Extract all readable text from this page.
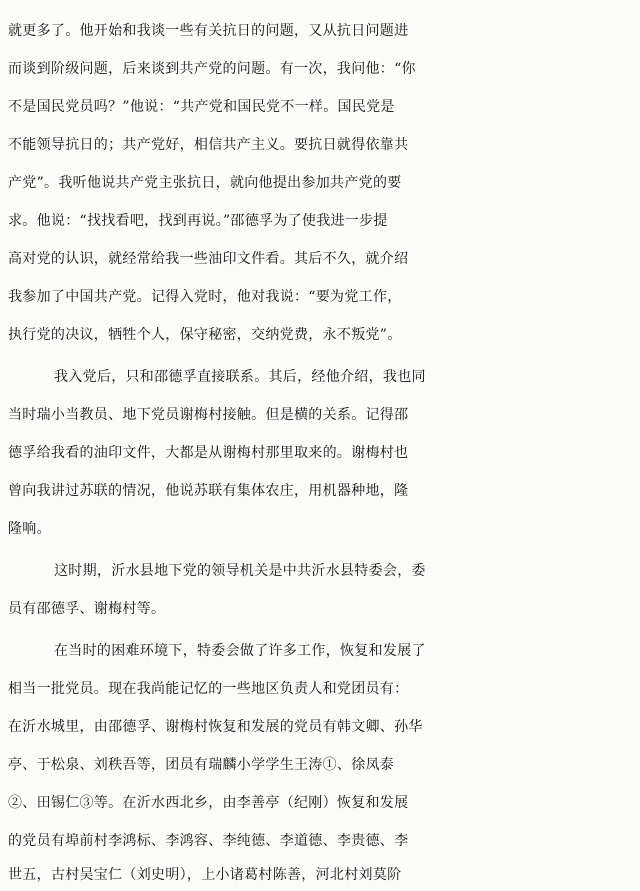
就更多了。他开始和我谈一些有关抗日的问题，又从抗日问题进
而谈到阶级问题，后来谈到共产党的问题。有一次，我问他：“你
不是国民党员吗？”他说：“共产党和国民党不一样。国民党是
不能领导抗日的；共产党好，相信共产主义。要抗日就得依靠共
产党”。我听他说共产党主张抗日，就向他提出参加共产党的要
求。他说：“找找看吧，找到再说。”邵德孚为了使我进一步提
高对党的认识，就经常给我一些油印文件看。其后不久，就介绍
我参加了中国共产党。记得入党时，他对我说：“要为党工作，
执行党的决议，牺牲个人，保守秘密，交纳党费，永不叛党”。
我入党后，只和邵德孚直接联系。其后，经他介绍，我也同
当时瑞小当教员、地下党员谢梅村接触。但是横的关系。记得邵
德孚给我看的油印文件，大都是从谢梅村那里取来的。谢梅村也
曾向我讲过苏联的情况，他说苏联有集体农庄，用机器种地，隆
隆响。
这时期，沂水县地下党的领导机关是中共沂水县特委会，委
员有邵德孚、谢梅村等。
在当时的困难环境下，特委会做了许多工作，恢复和发展了
相当一批党员。现在我尚能记忆的一些地区负责人和党团员有：
在沂水城里，由邵德孚、谢梅村恢复和发展的党员有韩文卿、孙华
亭、于松泉、刘秩吾等，团员有瑞麟小学学生王涛①、徐凤泰
②、田锡仁③等。在沂水西北乡，由李善亭（纪刚）恢复和发展
的党员有埠前村李鸿标、李鸿容、李纯德、李道德、李贵德、李
世五，古村吴宝仁（刘史明），上小诸葛村陈善，河北村刘莫阶
